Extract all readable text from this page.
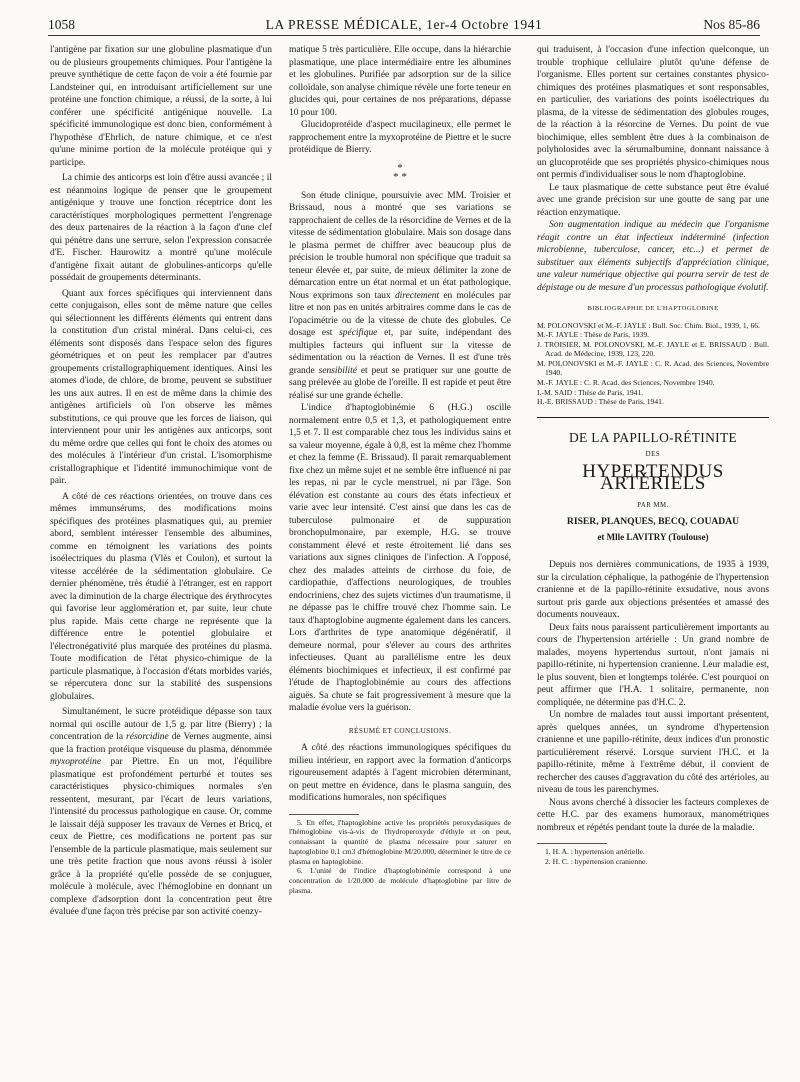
1058	LA PRESSE MÉDICALE, 1er-4 Octobre 1941	Nos 85-86

l'antigène par fixation sur une globuline plasmatique d'un ou de plusieurs groupements chimiques. Pour l'antigène la preuve synthétique de cette façon de voir a été fournie par Landsteiner qui, en introduisant artificiellement sur une protéine une fonction chimique, a réussi, de la sorte, à lui conférer une spécificité antigénique nouvelle. La spécificité immunologique est donc bien, conformément à l'hypothèse d'Ehrlich, de nature chimique, et ce n'est qu'une minime portion de la molécule protéique qui y participe.

La chimie des anticorps est loin d'être aussi avancée ; il est néanmoins logique de penser que le groupement antigénique y trouve une fonction réceptrice dont les caractéristiques morphologiques permettent l'engrenage des deux partenaires de la réaction à la façon d'une clef qui pénètre dans une serrure, selon l'expression consacrée d'E. Fischer. Haurowitz a montré qu'une molécule d'antigène fixait autant de globulines-anticorps qu'elle possédait de groupements déterminants.

Quant aux forces spécifiques qui interviennent dans cette conjugaison, elles sont de même nature que celles qui sélectionnent les différents éléments qui entrent dans la constitution d'un cristal minéral. Dans celui-ci, ces éléments sont disposés dans l'espace selon des figures géométriques et on peut les remplacer par d'autres groupements cristallographiquement identiques. Ainsi les atomes d'iode, de chlore, de brome, peuvent se substituer les uns aux autres. Il en est de même dans la chimie des antigènes artificiels où l'on observe les mêmes substitutions, ce qui prouve que les forces de liaison, qui interviennent pour unir les antigènes aux anticorps, sont du même ordre que celles qui font le choix des atomes ou des molécules à l'intérieur d'un cristal. L'isomorphisme cristallographique et l'identité immunochimique vont de pair.

A côté de ces réactions orientées, on trouve dans ces mêmes immunsérums, des modifications moins spécifiques des protéines plasmatiques qui, au premier abord, semblent intéresser l'ensemble des albumines, comme en témoignent les variations des points isoélectriques du plasma (Vlès et Coulon), et surtout la vitesse accélérée de la sédimentation globulaire. Ce dernier phénomène, très étudié à l'étranger, est en rapport avec la diminution de la charge électrique des érythrocytes qui favorise leur agglomération et, par suite, leur chute plus rapide. Mais cette charge ne représente que la différence entre le potentiel globulaire et l'électronégativité plus marquée des protéines du plasma. Toute modification de l'état physico-chimique de la particule plasmatique, à l'occasion d'états morbides variés, se répercutera donc sur la stabilité des suspensions globulaires.

Simultanément, le sucre protéidique dépasse son taux normal qui oscille autour de 1,5 g. par litre (Bierry) ; la concentration de la résorcidine de Vernes augmente, ainsi que la fraction protéique visqueuse du plasma, dénommée myxoprotéine par Piettre. En un mot, l'équilibre plasmatique est profondément perturbé et toutes ses caractéristiques physico-chimiques normales s'en ressentent, mesurant, par l'écart de leurs variations, l'intensité du processus pathologique en cause. Or, comme le laissait déjà supposer les travaux de Vernes et Bricq, et ceux de Piettre, ces modifications ne portent pas sur l'ensemble de la particule plasmatique, mais seulement sur une très petite fraction que nous avons réussi à isoler grâce à la propriété qu'elle possède de se conjuguer, molécule à molécule, avec l'hémoglobine en donnant un complexe d'adsorption dont la concentration peut être évaluée d'une façon très précise par son activité coenzy-

matique 5 très particulière. Elle occupe, dans la hiérarchie plasmatique, une place intermédiaire entre les albumines et les globulines. Purifiée par adsorption sur de la silice colloïdale, son analyse chimique révèle une forte teneur en glucides qui, pour certaines de nos préparations, dépasse 10 pour 100.

Glucidoprotéide d'aspect mucilagineux, elle permet le rapprochement entre la myxoprotéine de Piettre et le sucre protéidique de Bierry.

*
* *

Son étude clinique, poursuivie avec MM. Troisier et Brissaud, nous a montré que ses variations se rapprochaient de celles de la résorcidine de Vernes et de la vitesse de sédimentation globulaire. Mais son dosage dans le plasma permet de chiffrer avec beaucoup plus de précision le trouble humoral non spécifique que traduit sa teneur élevée et, par suite, de mieux délimiter la zone de démarcation entre un état normal et un état pathologique. Nous exprimons son taux directement en molécules par litre et non pas en unités arbitraires comme dans le cas de l'opacimétrie ou de la vitesse de chute des globules. Ce dosage est spécifique et, par suite, indépendant des multiples facteurs qui influent sur la vitesse de sédimentation ou la réaction de Vernes. Il est d'une très grande sensibilité et peut se pratiquer sur une goutte de sang prélevée au globe de l'oreille. Il est rapide et peut être réalisé sur une grande échelle.

L'indice d'haptoglobinémie 6 (H.G.) oscille normalement entre 0,5 et 1,3, et pathologiquement entre 1,5 et 7. Il est comparable chez tous les individus sains et sa valeur moyenne, égale à 0,8, est la même chez l'homme et chez la femme (E. Brissaud). Il parait remarquablement fixe chez un même sujet et ne semble être influencé ni par les repas, ni par le cycle menstruel, ni par l'âge. Son élévation est constante au cours des états infectieux et varie avec leur intensité. C'est ainsi que dans les cas de tuberculose pulmonaire et de suppuration bronchopulmonaire, par exemple, H.G. se trouve constamment élevé et reste étroitement lié dans ses variations aux signes cliniques de l'infection. A l'opposé, chez des malades atteints de cirrhose du foie, de cardiopathie, d'affections neurologiques, de troubles endocriniens, chez des sujets victimes d'un traumatisme, il ne dépasse pas le chiffre trouvé chez l'homme sain. Le taux d'haptoglobine augmente également dans les cancers. Lors d'arthrites de type anatomique dégénératif, il demeure normal, pour s'élever au cours des arthrites infectieuses. Quant au parallélisme entre les deux éléments biochimiques et infectieux, il est confirmé par l'étude de l'haptoglobinémie au cours des affections aiguës. Sa chute se fait progressivement à mesure que la maladie évolue vers la guérison.

RÉSUMÉ ET CONCLUSIONS.

A côté des réactions immunologiques spécifiques du milieu intérieur, en rapport avec la formation d'anticorps rigoureusement adaptés à l'agent microbien déterminant, on peut mettre en évidence, dans le plasma sanguin, des modifications humorales, non spécifiques

5. En effet, l'haptoglobine active les propriétés peroxydasiques de l'hémoglobine vis-à-vis de l'hydroperoxyde d'éthyle et on peut, connaissant la quantité de plasma nécessaire pour saturer en haptoglobine 0,1 cm3 d'hémoglobine M/20.000, déterminer le titre de ce plasma en haptoglobine.

6. L'unité de l'indice d'haptoglobinémie correspond à une concentration de 1/20.000 de molécule d'haptoglobine par litre de plasma.

qui traduisent, à l'occasion d'une infection quelconque, un trouble trophique cellulaire plutôt qu'une défense de l'organisme. Elles portent sur certaines constantes physico-chimiques des protéines plasmatiques et sont responsables, en particulier, des variations des points isoélectriques du plasma, de la vitesse de sédimentation des globules rouges, de la réaction à la résorcine de Vernes. Du point de vue biochimique, elles semblent être dues à la combinaison de polyholosides avec la sérumalbumine, donnant naissance à un glucoprotéide que ses propriétés physico-chimiques nous ont permis d'individualiser sous le nom d'haptoglobine.

Le taux plasmatique de cette substance peut être évalué avec une grande précision sur une goutte de sang par une réaction enzymatique.

Son augmentation indique au médecin que l'organisme réagit contre un état infectieux indéterminé (infection microbienne, tuberculose, cancer, etc...) et permet de substituer aux éléments subjectifs d'appréciation clinique, une valeur numérique objective qui pourra servir de test de dépistage ou de mesure d'un processus pathologique évolutif.

BIBLIOGRAPHIE DE L'HAPTOGLOBINE

M. POLONOVSKI et M.-F. JAYLE : Bull. Soc. Chim. Biol., 1939, 1, 66.

M.-F. JAYLE : Thèse de Paris, 1939.

J. TROISIER, M. POLONOVSKI, M.-F. JAYLE et E. BRISSAUD : Bull. Acad. de Médecine, 1939, 123, 220.

M. POLONOVSKI et M.-F. JAYLE : C. R. Acad. des Sciences, Novembre 1940.

M.-F. JAYLE : C. R. Acad. des Sciences, Novembre 1940.

I.-M. SAID : Thèse de Paris, 1941.

H.-E. BRISSAUD : Thèse de Paris, 1941.

DE LA PAPILLO-RÉTINITE
DES
HYPERTENDUS ARTÉRIELS
PAR MM.
RISER, PLANQUES, BECQ, COUADAU
et Mlle LAVITRY (Toulouse)

Depuis nos dernières communications, de 1935 à 1939, sur la circulation céphalique, la pathogénie de l'hypertension cranienne et de la papillo-rétinite exsudative, nous avons surtout pris garde aux objections présentées et amassé des documents nouveaux.

Deux faits nous paraissent particulièrement importants au cours de l'hypertension artérielle : Un grand nombre de malades, moyens hypertendus surtout, n'ont jamais ni papillo-rétinite, ni hypertension cranienne. Leur maladie est, le plus souvent, bien et longtemps tolérée. C'est pourquoi on peut affirmer que l'H.A. 1 solitaire, permanente, non compliquée, ne détermine pas d'H.C. 2.

Un nombre de malades tout aussi important présentent, après quelques années, un syndrome d'hypertension cranienne et une papillo-rétinite, deux indices d'un pronostic particulièrement réservé. Lorsque survient l'H.C. et la papillo-rétinite, même à l'extrême début, il convient de rechercher des causes d'aggravation du côté des artérioles, au niveau de tous les parenchymes.

Nous avons cherché à dissocier les facteurs complexes de cette H.C. par des examens humoraux, manométriques nombreux et répétés pendant toute la durée de la maladie.

1. H. A. : hypertension artérielle.

2. H. C. : hypertension cranienne.
